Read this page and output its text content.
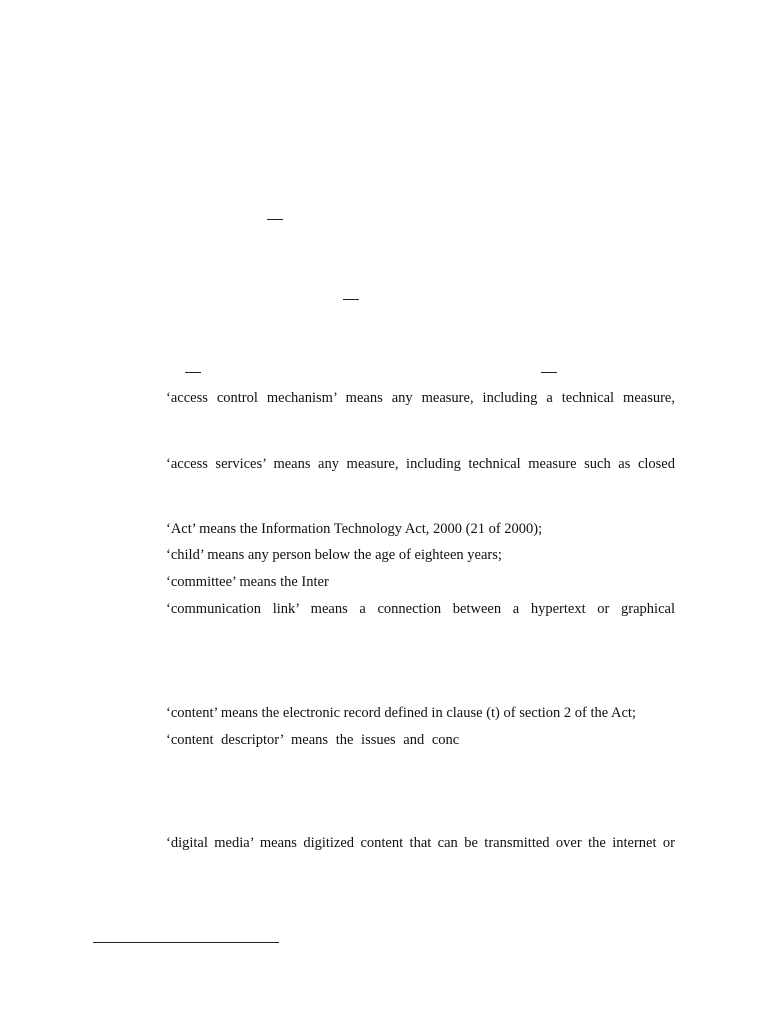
‘access control mechanism’ means any measure, including a technical measure,
‘access services’ means any measure, including technical measure such as closed
‘Act’ means the Information Technology Act, 2000 (21 of 2000);
‘child’ means any person below the age of eighteen years;
‘committee’ means the Inter
‘communication link’ means a connection between a hypertext or graphical
‘content’ means the electronic record defined in clause (t) of section 2 of the Act;
‘content descriptor’ means the issues and conc
‘digital media’ means digitized content that can be transmitted over the internet or
